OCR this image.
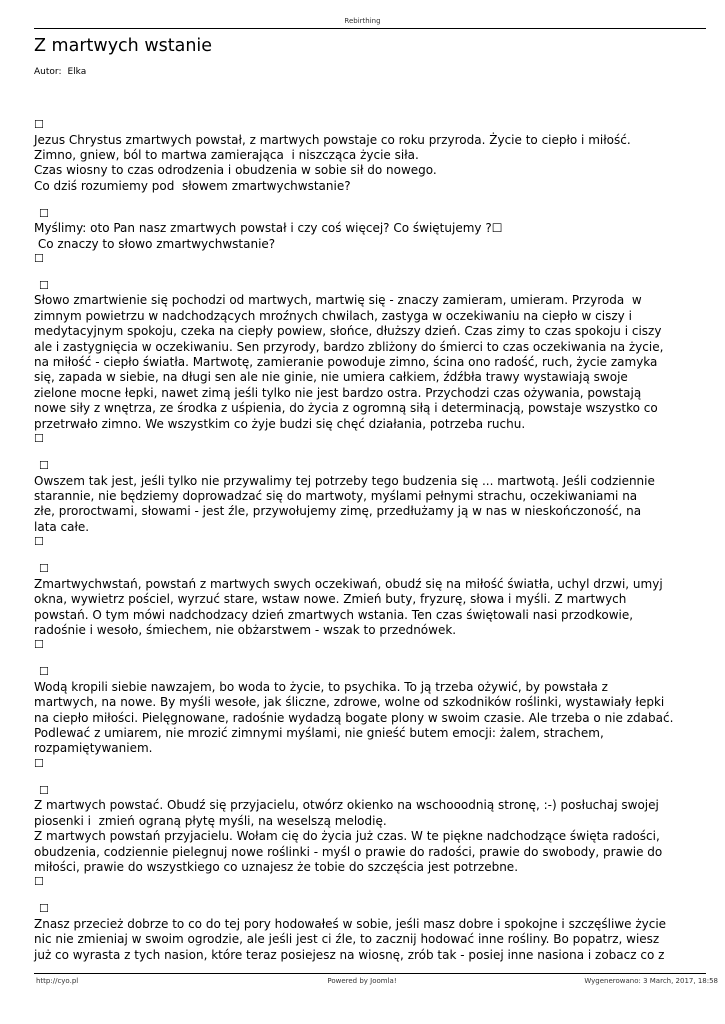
Rebirthing
Z martwych wstanie
Autor: Elka
☐
Jezus Chrystus zmartwych powstał, z martwych powstaje co roku przyroda. Życie to ciepło i miłość.
Zimno, gniew, ból to martwa zamierająca  i niszcząca życie siła.
Czas wiosny to czas odrodzenia i obudzenia w sobie sił do nowego.
Co dziś rozumiemy pod  słowem zmartwychwstanie?
☐
Myślimy: oto Pan nasz zmartwych powstał i czy coś więcej? Co świętujemy ?☐
Co znaczy to słowo zmartwychwstanie?
☐
☐
Słowo zmartwienie się pochodzi od martwych, martwię się - znaczy zamieram, umieram. Przyroda  w
zimnym powietrzu w nadchodzących mroźnych chwilach, zastyga w oczekiwaniu na ciepło w ciszy i
medytacyjnym spokoju, czeka na ciepły powiew, słońce, dłuższy dzień. Czas zimy to czas spokoju i ciszy
ale i zastygnięcia w oczekiwaniu. Sen przyrody, bardzo zbliżony do śmierci to czas oczekiwania na życie,
na miłość - ciepło światła. Martwotę, zamieranie powoduje zimno, ścina ono radość, ruch, życie zamyka
się, zapada w siebie, na długi sen ale nie ginie, nie umiera całkiem, źdźbła trawy wystawiają swoje
zielone mocne łepki, nawet zimą jeśli tylko nie jest bardzo ostra. Przychodzi czas ożywania, powstają
nowe siły z wnętrza, ze środka z uśpienia, do życia z ogromną siłą i determinacją, powstaje wszystko co
przetrwało zimno. We wszystkim co żyje budzi się chęć działania, potrzeba ruchu.
☐
☐
Owszem tak jest, jeśli tylko nie przywalimy tej potrzeby tego budzenia się ... martwotą. Jeśli codziennie
starannie, nie będziemy doprowadzać się do martwoty, myślami pełnymi strachu, oczekiwaniami na
złe, proroctwami, słowami - jest źle, przywołujemy zimę, przedłużamy ją w nas w nieskończoność, na
lata całe.
☐
☐
Zmartwychwstań, powstań z martwych swych oczekiwań, obudź się na miłość światła, uchyl drzwi, umyj
okna, wywietrz pościel, wyrzuć stare, wstaw nowe. Zmień buty, fryzurę, słowa i myśli. Z martwych
powstań. O tym mówi nadchodzacy dzień zmartwych wstania. Ten czas świętowali nasi przodkowie,
radośnie i wesoło, śmiechem, nie obżarstwem - wszak to przednówek.
☐
☐
Wodą kropili siebie nawzajem, bo woda to życie, to psychika. To ją trzeba ożywić, by powstała z
martwych, na nowe. By myśli wesołe, jak śliczne, zdrowe, wolne od szkodników roślinki, wystawiały łepki
na ciepło miłości. Pielęgnowane, radośnie wydadzą bogate plony w swoim czasie. Ale trzeba o nie zdabać.
Podlewać z umiarem, nie mrozić zimnymi myślami, nie gnieść butem emocji: żalem, strachem,
rozpamiętywaniem.
☐
☐
Z martwych powstać. Obudź się przyjacielu, otwórz okienko na wschooodnią stronę, :-) posłuchaj swojej
piosenki i  zmień ograną płytę myśli, na weselszą melodię.
Z martwych powstań przyjacielu. Wołam cię do życia już czas. W te piękne nadchodzące święta radości,
obudzenia, codziennie pielegnuj nowe roślinki - myśl o prawie do radości, prawie do swobody, prawie do
miłości, prawie do wszystkiego co uznajesz że tobie do szczęścia jest potrzebne.
☐
☐
Znasz przecież dobrze to co do tej pory hodowałeś w sobie, jeśli masz dobre i spokojne i szczęśliwe życie
nic nie zmieniaj w swoim ogrodzie, ale jeśli jest ci źle, to zacznij hodować inne rośliny. Bo popatrz, wiesz
już co wyrasta z tych nasion, które teraz posiejesz na wiosnę, zrób tak - posiej inne nasiona i zobacz co z
http://cyo.pl	Powered by Joomla!	Wygenerowano: 3 March, 2017, 18:58
